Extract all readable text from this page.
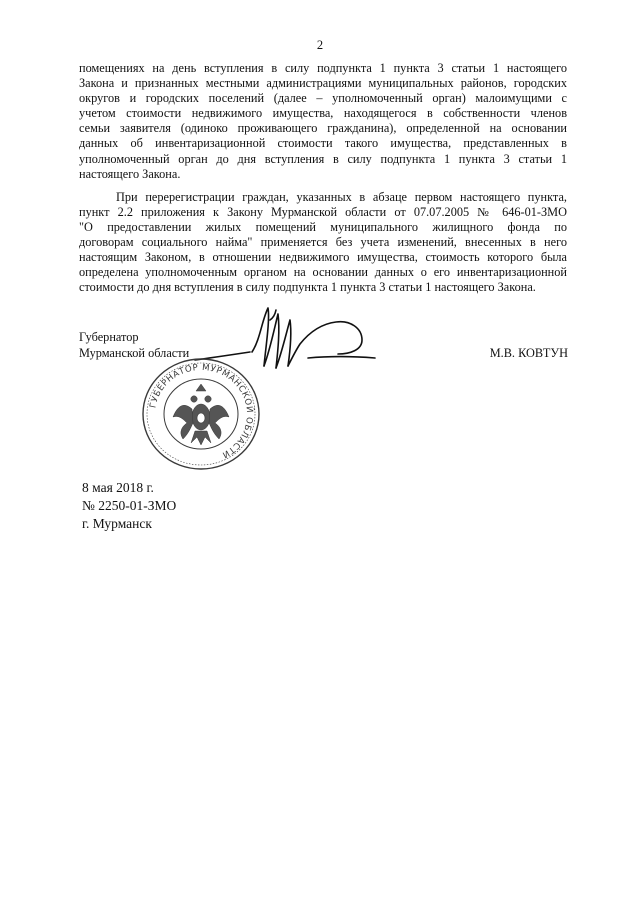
2
помещениях на день вступления в силу подпункта 1 пункта 3 статьи 1 настоящего
Закона и признанных местными администрациями муниципальных районов, городских
округов и городских поселений (далее – уполномоченный орган) малоимущими с
учетом стоимости недвижимого имущества, находящегося в собственности членов
семьи заявителя (одиноко проживающего гражданина), определенной на основании
данных об инвентаризационной стоимости такого имущества, представленных в
уполномоченный орган до дня вступления в силу подпункта 1 пункта 3 статьи 1
настоящего Закона.
При перерегистрации граждан, указанных в абзаце первом настоящего пункта,
пункт 2.2 приложения к Закону Мурманской области от 07.07.2005 № 646-01-ЗМО
"О предоставлении жилых помещений муниципального жилищного фонда по
договорам социального найма" применяется без учета изменений, внесенных в него
настоящим Законом, в отношении недвижимого имущества, стоимость которого была
определена уполномоченным органом на основании данных о его инвентаризационной
стоимости до дня вступления в силу подпункта 1 пункта 3 статьи 1 настоящего Закона.
ГУБЕРНАТОР МУРМАНСКОЙ ОБЛАСТИ
Губернатор
Мурманской области	М.В. КОВТУН
8 мая 2018 г.
№ 2250-01-ЗМО
г. Мурманск
